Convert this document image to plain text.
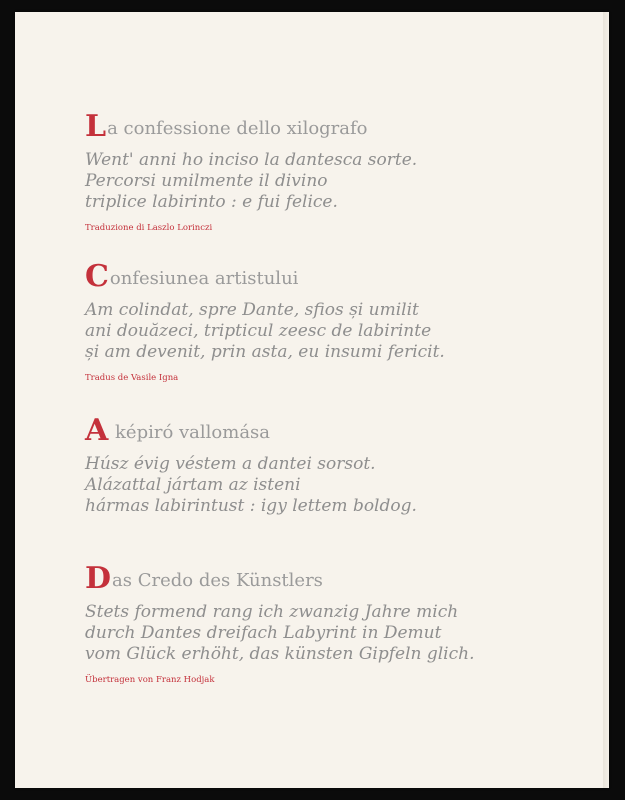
La confessione dello xilografo
Went' anni ho inciso la dantesca sorte.
Percorsi umilmente il divino
triplice labirinto : e fui felice.
Traduzione di Laszlo Lorinczi
Confesiunea artistului
Am colindat, spre Dante, sfios și umilit
ani douăzeci, tripticul zeesc de labirinte
și am devenit, prin asta, eu insumi fericit.
Tradus de Vasile Igna
A képiró vallomása
Húsz évig véstem a dantei sorsot.
Alázattal jártam az isteni
hármas labirintust : igy lettem boldog.
Das Credo des Künstlers
Stets formend rang ich zwanzig Jahre mich
durch Dantes dreifach Labyrint in Demut
vom Glück erhöht, das künsten Gipfeln glich.
Übertragen von Franz Hodjak
